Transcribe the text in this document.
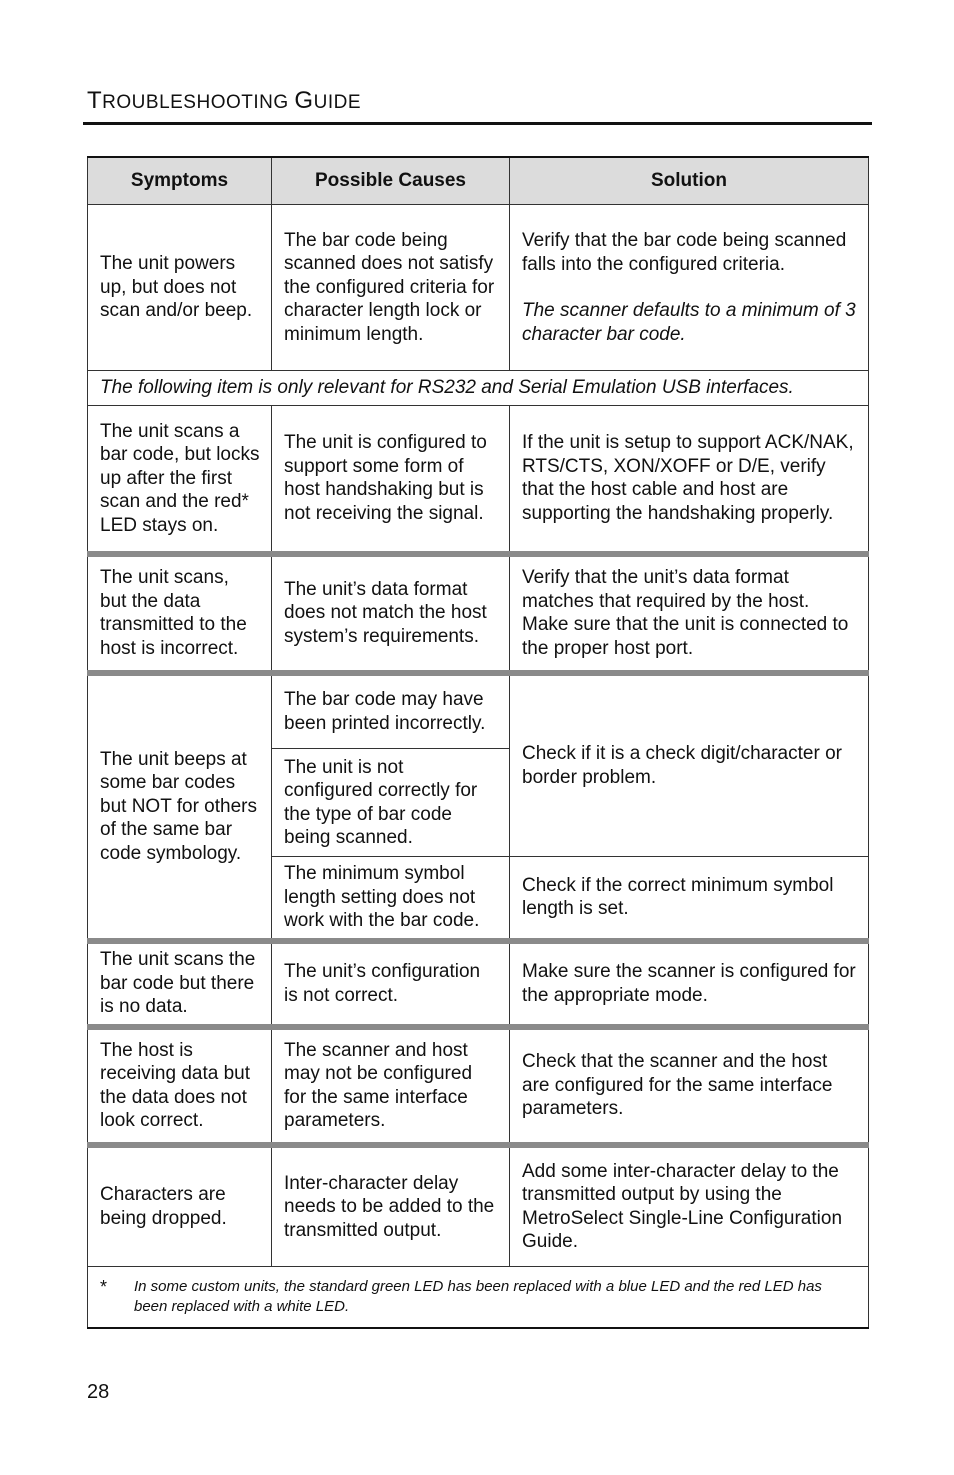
TROUBLESHOOTING GUIDE
Symptoms	Possible Causes	Solution
The unit powers up, but does not scan and/or beep.	The bar code being scanned does not satisfy the configured criteria for character length lock or minimum length.	Verify that the bar code being scanned falls into the configured criteria.
The scanner defaults to a minimum of 3 character bar code.

The following item is only relevant for RS232 and Serial Emulation USB interfaces.		
The unit scans a bar code, but locks up after the first scan and the red* LED stays on.	The unit is configured to support some form of host handshaking but is not receiving the signal.	If the unit is setup to support ACK/NAK, RTS/CTS, XON/XOFF or D/E, verify that the host cable and host are supporting the handshaking properly.
The unit scans, but the data transmitted to the host is incorrect.	The unit’s data format does not match the host system’s requirements.	Verify that the unit’s data format matches that required by the host. Make sure that the unit is connected to the proper host port.
The unit beeps at some bar codes but NOT for others of the same bar code symbology.	The bar code may have been printed incorrectly.	Check if it is a check digit/character or border problem.
	The unit is not configured correctly for the type of bar code being scanned.	
	The minimum symbol length setting does not work with the bar code.	Check if the correct minimum symbol length is set.
The unit scans the bar code but there is no data.	The unit’s configuration is not correct.	Make sure the scanner is configured for the appropriate mode.
The host is receiving data but the data does not look correct.	The scanner and host may not be configured for the same interface parameters.	Check that the scanner and the host are configured for the same interface parameters.
Characters are being dropped.	Inter-character delay needs to be added to the transmitted output.	Add some inter-character delay to the transmitted output by using the MetroSelect Single-Line Configuration Guide.
* In some custom units, the standard green LED has been replaced with a blue LED and the red LED has been replaced with a white LED.		
28
